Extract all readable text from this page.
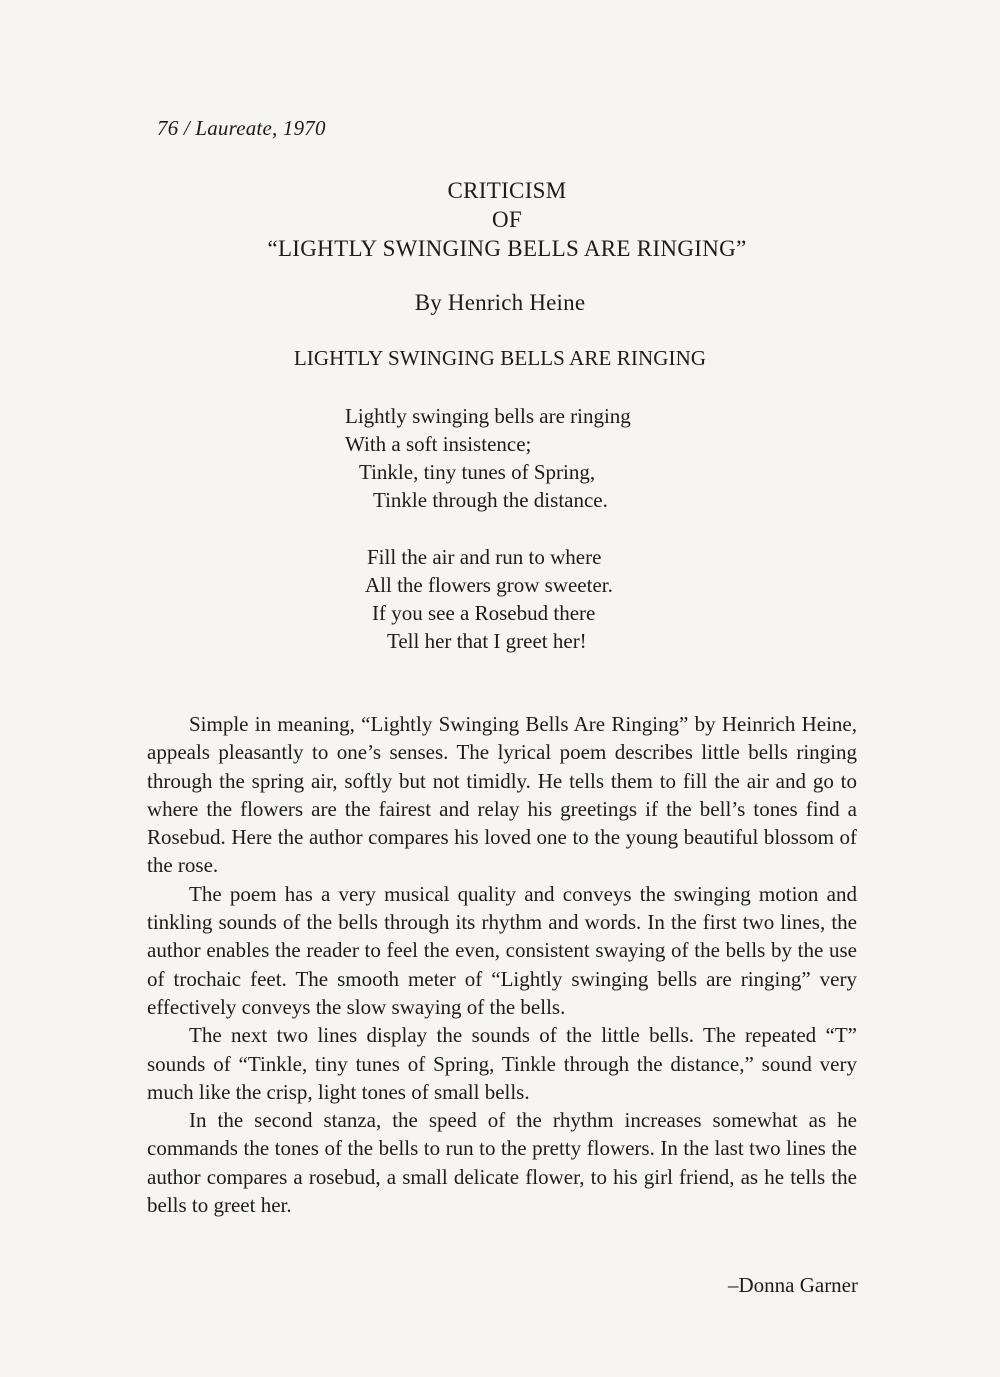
76 / Laureate, 1970
CRITICISM
OF
“LIGHTLY SWINGING BELLS ARE RINGING”
By Henrich Heine
LIGHTLY SWINGING BELLS ARE RINGING
Lightly swinging bells are ringing
With a soft insistence;
Tinkle, tiny tunes of Spring,
Tinkle through the distance.
Fill the air and run to where
All the flowers grow sweeter.
If you see a Rosebud there
Tell her that I greet her!

Simple in meaning, “Lightly Swinging Bells Are Ringing” by Heinrich Heine, appeals pleasantly to one’s senses. The lyrical poem describes little bells ringing through the spring air, softly but not timidly. He tells them to fill the air and go to where the flowers are the fairest and relay his greetings if the bell’s tones find a Rosebud. Here the author compares his loved one to the young beautiful blossom of the rose.

The poem has a very musical quality and conveys the swinging motion and tinkling sounds of the bells through its rhythm and words. In the first two lines, the author enables the reader to feel the even, consistent swaying of the bells by the use of trochaic feet. The smooth meter of “Lightly swinging bells are ringing” very effectively conveys the slow swaying of the bells.

The next two lines display the sounds of the little bells. The repeated “T” sounds of “Tinkle, tiny tunes of Spring, Tinkle through the distance,” sound very much like the crisp, light tones of small bells.

In the second stanza, the speed of the rhythm increases somewhat as he commands the tones of the bells to run to the pretty flowers. In the last two lines the author compares a rosebud, a small delicate flower, to his girl friend, as he tells the bells to greet her.

–Donna Garner
